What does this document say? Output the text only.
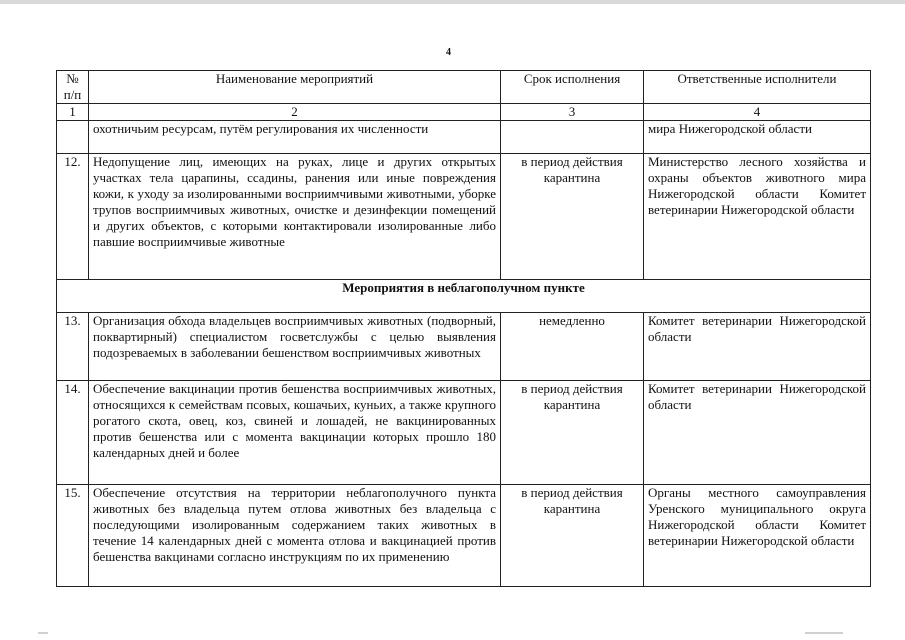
4
№ п/п	Наименование мероприятий	Срок исполнения	Ответственные исполнители
1	2	3	4
	охотничьим ресурсам, путём регулирования их численности		мира Нижегородской области
12.	Недопущение лиц, имеющих на руках, лице и других открытых участках тела царапины, ссадины, ранения или иные повреждения кожи, к уходу за изолированными восприимчивыми животными, уборке трупов восприимчивых животных, очистке и дезинфекции помещений и других объектов, с которыми контактировали изолированные либо павшие восприимчивые животные	в период действия карантина	Министерство лесного хозяйства и охраны объектов животного мира Нижегородской области Комитет ветеринарии Нижегородской области
Мероприятия в неблагополучном пункте			
13.	Организация обхода владельцев восприимчивых животных (подворный, поквартирный) специалистом госветслужбы с целью выявления подозреваемых в заболевании бешенством восприимчивых животных	немедленно	Комитет ветеринарии Нижегородской области
14.	Обеспечение вакцинации против бешенства восприимчивых животных, относящихся к семействам псовых, кошачьих, куньих, а также крупного рогатого скота, овец, коз, свиней и лошадей, не вакцинированных против бешенства или с момента вакцинации которых прошло 180 календарных дней и более	в период действия карантина	Комитет ветеринарии Нижегородской области
15.	Обеспечение отсутствия на территории неблагополучного пункта животных без владельца путем отлова животных без владельца с последующими изолированным содержанием таких животных в течение 14 календарных дней с момента отлова и вакцинацией против бешенства вакцинами согласно инструкциям по их применению	в период действия карантина	Органы местного самоуправления Уренского муниципального округа Нижегородской области Комитет ветеринарии Нижегородской области
